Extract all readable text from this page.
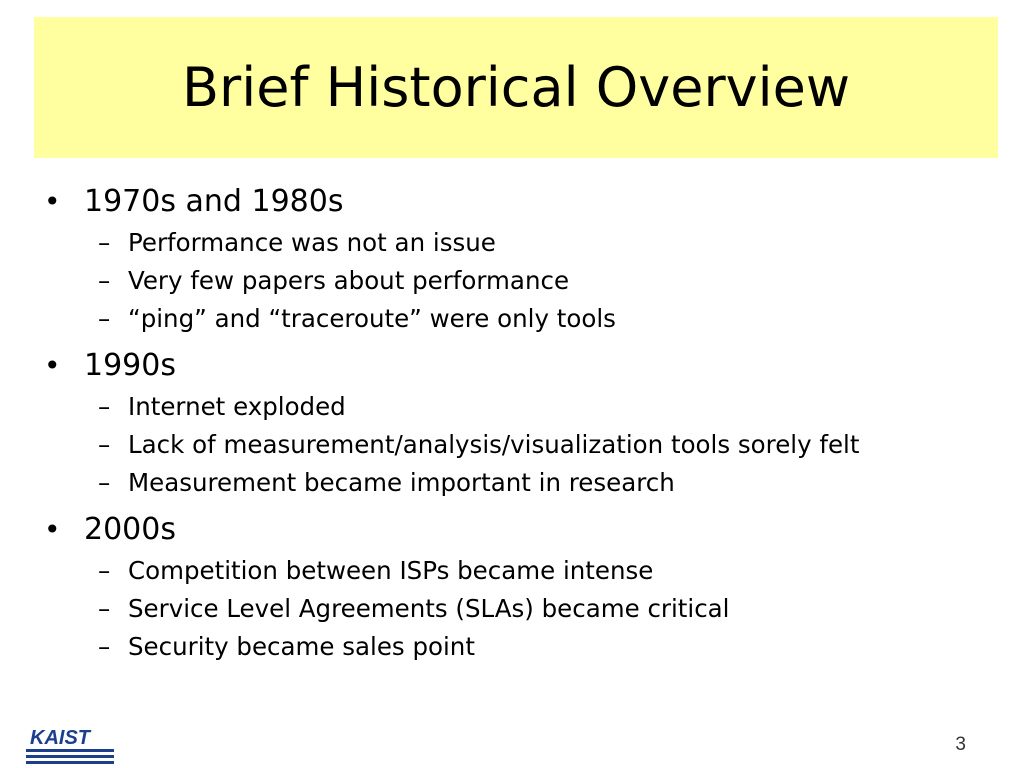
Brief Historical Overview
• 1970s and 1980s
– Performance was not an issue
– Very few papers about performance
– “ping” and “traceroute” were only tools
• 1990s
– Internet exploded
– Lack of measurement/analysis/visualization tools sorely felt
– Measurement became important in research
• 2000s
– Competition between ISPs became intense
– Service Level Agreements (SLAs) became critical
– Security became sales point
KAIST	3
